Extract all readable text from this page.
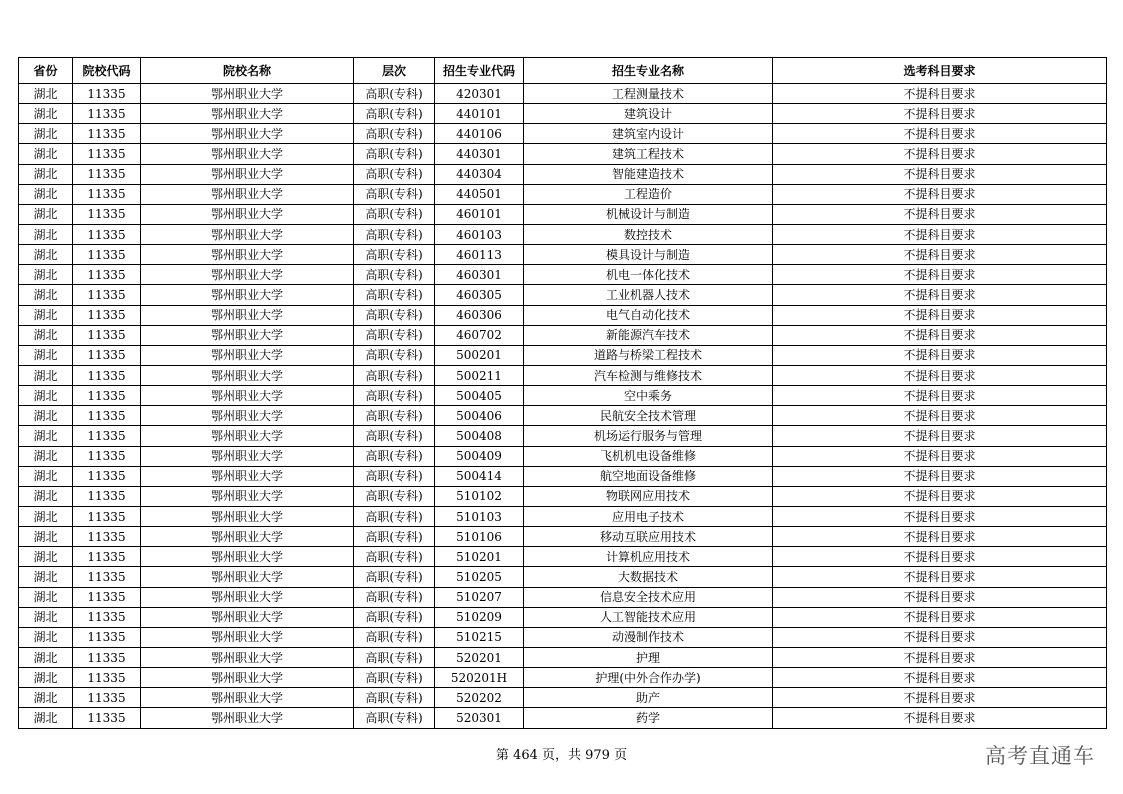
省份	院校代码	院校名称	层次	招生专业代码	招生专业名称	选考科目要求
湖北	11335	鄂州职业大学	高职(专科)	420301	工程测量技术	不提科目要求
湖北	11335	鄂州职业大学	高职(专科)	440101	建筑设计	不提科目要求
湖北	11335	鄂州职业大学	高职(专科)	440106	建筑室内设计	不提科目要求
湖北	11335	鄂州职业大学	高职(专科)	440301	建筑工程技术	不提科目要求
湖北	11335	鄂州职业大学	高职(专科)	440304	智能建造技术	不提科目要求
湖北	11335	鄂州职业大学	高职(专科)	440501	工程造价	不提科目要求
湖北	11335	鄂州职业大学	高职(专科)	460101	机械设计与制造	不提科目要求
湖北	11335	鄂州职业大学	高职(专科)	460103	数控技术	不提科目要求
湖北	11335	鄂州职业大学	高职(专科)	460113	模具设计与制造	不提科目要求
湖北	11335	鄂州职业大学	高职(专科)	460301	机电一体化技术	不提科目要求
湖北	11335	鄂州职业大学	高职(专科)	460305	工业机器人技术	不提科目要求
湖北	11335	鄂州职业大学	高职(专科)	460306	电气自动化技术	不提科目要求
湖北	11335	鄂州职业大学	高职(专科)	460702	新能源汽车技术	不提科目要求
湖北	11335	鄂州职业大学	高职(专科)	500201	道路与桥梁工程技术	不提科目要求
湖北	11335	鄂州职业大学	高职(专科)	500211	汽车检测与维修技术	不提科目要求
湖北	11335	鄂州职业大学	高职(专科)	500405	空中乘务	不提科目要求
湖北	11335	鄂州职业大学	高职(专科)	500406	民航安全技术管理	不提科目要求
湖北	11335	鄂州职业大学	高职(专科)	500408	机场运行服务与管理	不提科目要求
湖北	11335	鄂州职业大学	高职(专科)	500409	飞机机电设备维修	不提科目要求
湖北	11335	鄂州职业大学	高职(专科)	500414	航空地面设备维修	不提科目要求
湖北	11335	鄂州职业大学	高职(专科)	510102	物联网应用技术	不提科目要求
湖北	11335	鄂州职业大学	高职(专科)	510103	应用电子技术	不提科目要求
湖北	11335	鄂州职业大学	高职(专科)	510106	移动互联应用技术	不提科目要求
湖北	11335	鄂州职业大学	高职(专科)	510201	计算机应用技术	不提科目要求
湖北	11335	鄂州职业大学	高职(专科)	510205	大数据技术	不提科目要求
湖北	11335	鄂州职业大学	高职(专科)	510207	信息安全技术应用	不提科目要求
湖北	11335	鄂州职业大学	高职(专科)	510209	人工智能技术应用	不提科目要求
湖北	11335	鄂州职业大学	高职(专科)	510215	动漫制作技术	不提科目要求
湖北	11335	鄂州职业大学	高职(专科)	520201	护理	不提科目要求
湖北	11335	鄂州职业大学	高职(专科)	520201H	护理(中外合作办学)	不提科目要求
湖北	11335	鄂州职业大学	高职(专科)	520202	助产	不提科目要求
湖北	11335	鄂州职业大学	高职(专科)	520301	药学	不提科目要求
第 464 页，共 979 页	高考直通车
